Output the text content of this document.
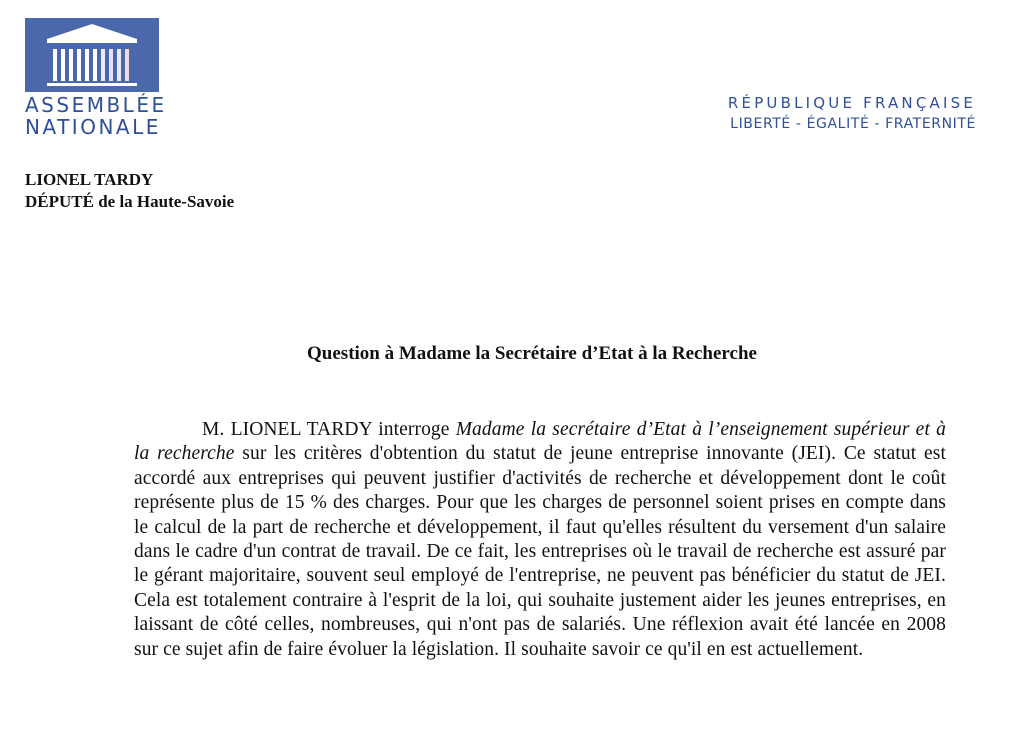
ASSEMBLÉE
NATIONALE
RÉPUBLIQUE FRANÇAISE
LIBERTÉ - ÉGALITÉ - FRATERNITÉ
LIONEL TARDY
DÉPUTÉ de la Haute-Savoie
Question à Madame la Secrétaire d’Etat à la Recherche
M. LIONEL TARDY interroge Madame la secrétaire d’Etat à l’enseignement supérieur et à la recherche sur les critères d'obtention du statut de jeune entreprise innovante (JEI). Ce statut est accordé aux entreprises qui peuvent justifier d'activités de recherche et développement dont le coût représente plus de 15 % des charges. Pour que les charges de personnel soient prises en compte dans le calcul de la part de recherche et développement, il faut qu'elles résultent du versement d'un salaire dans le cadre d'un contrat de travail. De ce fait, les entreprises où le travail de recherche est assuré par le gérant majoritaire, souvent seul employé de l'entreprise, ne peuvent pas bénéficier du statut de JEI. Cela est totalement contraire à l'esprit de la loi, qui souhaite justement aider les jeunes entreprises, en laissant de côté celles, nombreuses, qui n'ont pas de salariés. Une réflexion avait été lancée en 2008 sur ce sujet afin de faire évoluer la législation. Il souhaite savoir ce qu'il en est actuellement.
